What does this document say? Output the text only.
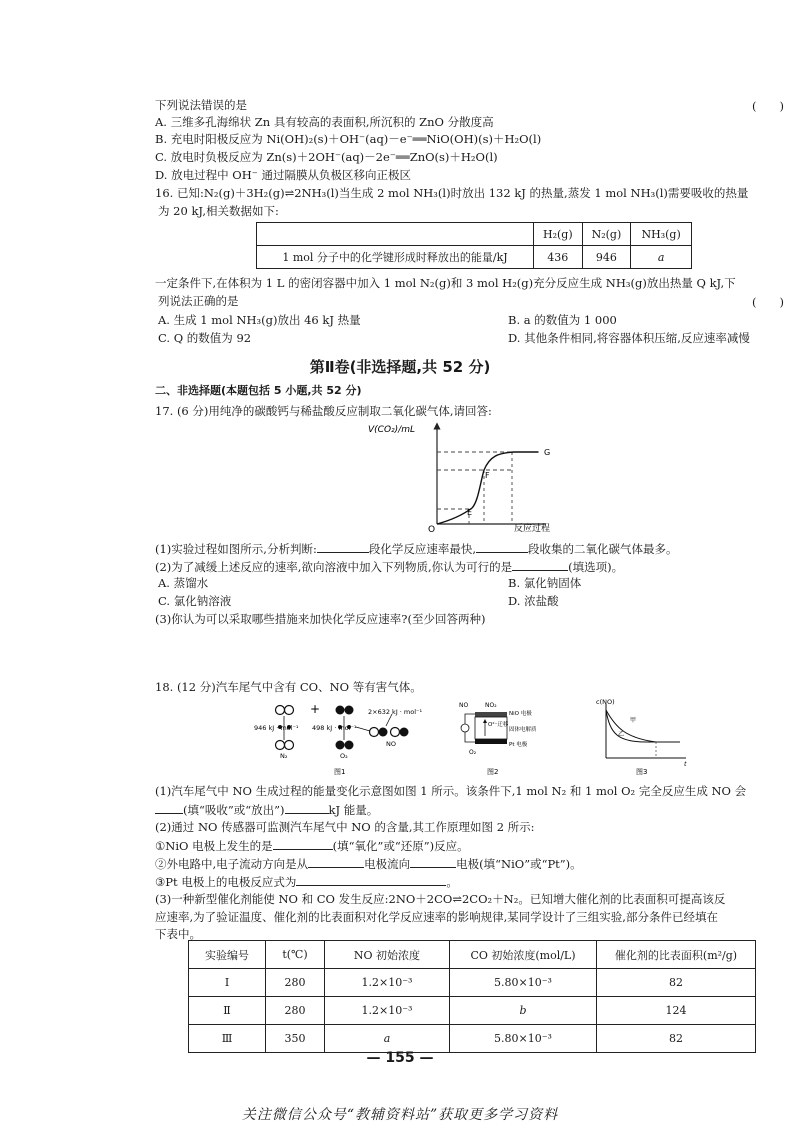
下列说法错误的是	(　　)
A. 三维多孔海绵状 Zn 具有较高的表面积,所沉积的 ZnO 分散度高
B. 充电时阳极反应为 Ni(OH)₂(s)＋OH⁻(aq)－e⁻══NiO(OH)(s)＋H₂O(l)
C. 放电时负极反应为 Zn(s)＋2OH⁻(aq)－2e⁻══ZnO(s)＋H₂O(l)
D. 放电过程中 OH⁻ 通过隔膜从负极区移向正极区
16. 已知:N₂(g)＋3H₂(g)⇌2NH₃(l)当生成 2 mol NH₃(l)时放出 132 kJ 的热量,蒸发 1 mol NH₃(l)需要吸收的热量
为 20 kJ,相关数据如下:
	H₂(g)	N₂(g)	NH₃(g)
1 mol 分子中的化学键形成时释放出的能量/kJ	436	946	a
一定条件下,在体积为 1 L 的密闭容器中加入 1 mol N₂(g)和 3 mol H₂(g)充分反应生成 NH₃(g)放出热量 Q kJ,下
列说法正确的是	(　　)
A. 生成 1 mol NH₃(g)放出 46 kJ 热量	B. a 的数值为 1 000
C. Q 的数值为 92	D. 其他条件相同,将容器体积压缩,反应速率减慢
第Ⅱ卷(非选择题,共 52 分)
二、非选择题(本题包括 5 小题,共 52 分)
17. (6 分)用纯净的碳酸钙与稀盐酸反应制取二氧化碳气体,请回答:
V(CO₂)/mL
O	反应过程
E
F
G
(1)实验过程如图所示,分析判断:	段化学反应速率最快,	段收集的二氧化碳气体最多。
(2)为了减缓上述反应的速率,欲向溶液中加入下列物质,你认为可行的是	(填选项)。
A. 蒸馏水	B. 氯化钠固体
C. 氯化钠溶液	D. 浓盐酸
(3)你认为可以采取哪些措施来加快化学反应速率?(至少回答两种)
18. (12 分)汽车尾气中含有 CO、NO 等有害气体。
+
946 kJ · mol⁻¹ 498 kJ · mol⁻¹
2×632 kJ · mol⁻¹
N₂	O₂
NO
图1
NO	NO₂
NiO 电极
O²⁻迁移
固体电解质
O₂
Pt 电极
图2
c(NO)
t
甲
乙
图3
(1)汽车尾气中 NO 生成过程的能量变化示意图如图 1 所示。该条件下,1 mol N₂ 和 1 mol O₂ 完全反应生成 NO 会
(填“吸收”或“放出”)	kJ 能量。
(2)通过 NO 传感器可监测汽车尾气中 NO 的含量,其工作原理如图 2 所示:
①NiO 电极上发生的是	(填“氧化”或“还原”)反应。
②外电路中,电子流动方向是从	电极流向	电极(填“NiO”或“Pt”)。
③Pt 电极上的电极反应式为	。
(3)一种新型催化剂能使 NO 和 CO 发生反应:2NO＋2CO⇌2CO₂＋N₂。已知增大催化剂的比表面积可提高该反
应速率,为了验证温度、催化剂的比表面积对化学反应速率的影响规律,某同学设计了三组实验,部分条件已经填在
下表中。
实验编号	t(℃)	NO 初始浓度	CO 初始浓度(mol/L)	催化剂的比表面积(m²/g)
Ⅰ	280	1.2×10⁻³	5.80×10⁻³	82
Ⅱ	280	1.2×10⁻³	b	124
Ⅲ	350	a	5.80×10⁻³	82
— 155 —
关注微信公众号“教辅资料站”获取更多学习资料
